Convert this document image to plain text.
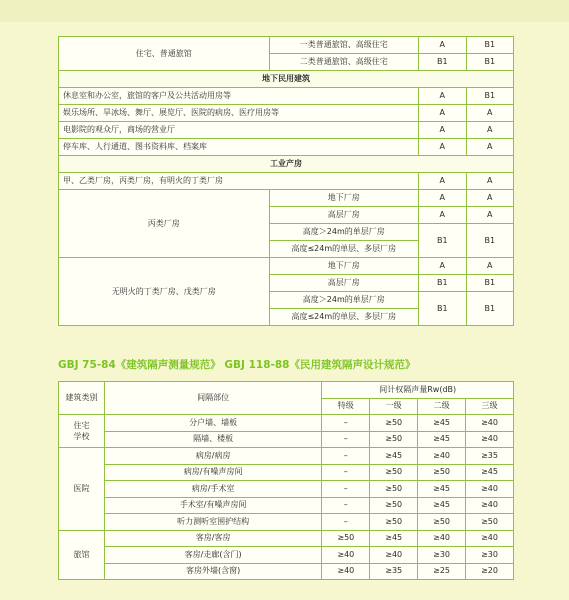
住宅、普通旅馆	一类普通旅馆、高级住宅	A	B1
	二类普通旅馆、高级住宅	B1	B1
地下民用建筑			
休息室和办公室，旅馆的客户及公共活动用房等		A	B1
娱乐场所、旱冰场、舞厅、展览厅、医院的病房、医疗用房等		A	A
电影院的观众厅，商场的营业厅		A	A
停车库、人行通道、图书资料库、档案库		A	A
工业产房			
甲、乙类厂房，丙类厂房，有明火的丁类厂房		A	A
丙类厂房	地下厂房	A	A
	高层厂房	A	A
	高度＞24m的单层厂房	B1	B1
	高度≤24m的单层、多层厂房		
无明火的丁类厂房、戊类厂房	地下厂房	A	A
	高层厂房	B1	B1
	高度＞24m的单层厂房	B1	B1
	高度≤24m的单层、多层厂房		
GBJ 75-84《建筑隔声测量规范》 GBJ 118-88《民用建筑隔声设计规范》
建筑类别	间隔部位	间计权隔声量Rw(dB)			
		特级	一级	二级	三级
住宅
学校	分户墙、墙板	–	≥50	≥45	≥40
	隔墙、楼板	–	≥50	≥45	≥40
医院	病房/病房	–	≥45	≥40	≥35
	病房/有噪声房间	–	≥50	≥50	≥45
	病房/手术室	–	≥50	≥45	≥40
	手术室/有噪声房间	–	≥50	≥45	≥40
	听力测听室围护结构	–	≥50	≥50	≥50
旅馆	客房/客房	≥50	≥45	≥40	≥40
	客房/走廊(含门)	≥40	≥40	≥30	≥30
	客房外墙(含窗)	≥40	≥35	≥25	≥20
